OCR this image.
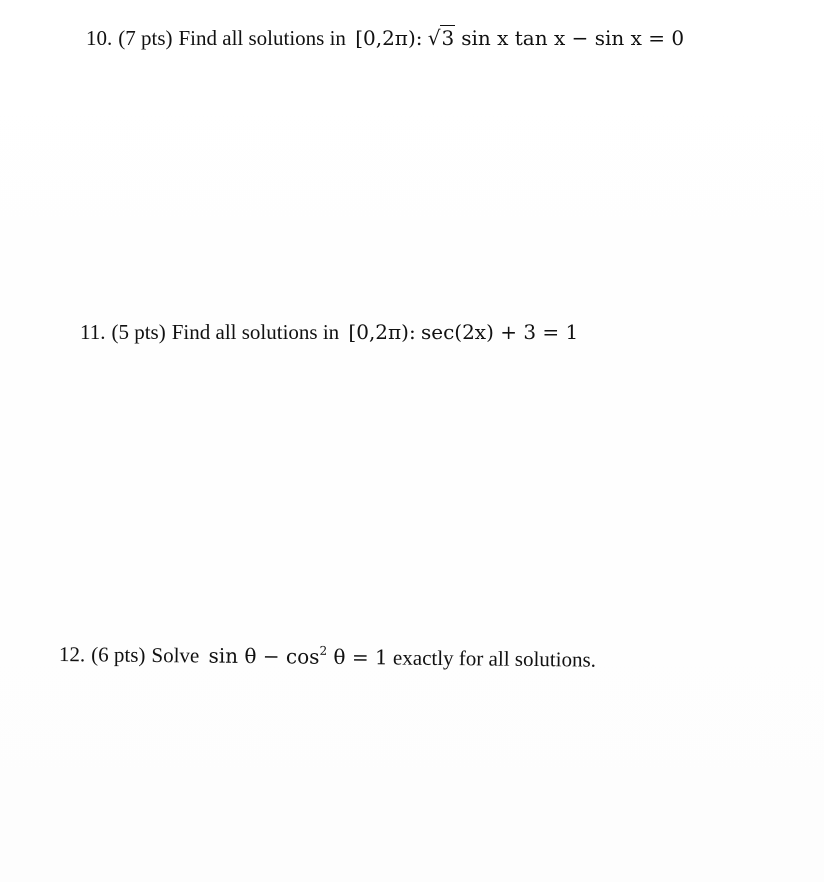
10. (7 pts) Find all solutions in [0,2π): √3 sin x tan x − sin x = 0
11. (5 pts) Find all solutions in [0,2π): sec(2x) + 3 = 1
12. (6 pts) Solve $\sin \theta - \cos^2 \theta = 1$ exactly for all solutions.
